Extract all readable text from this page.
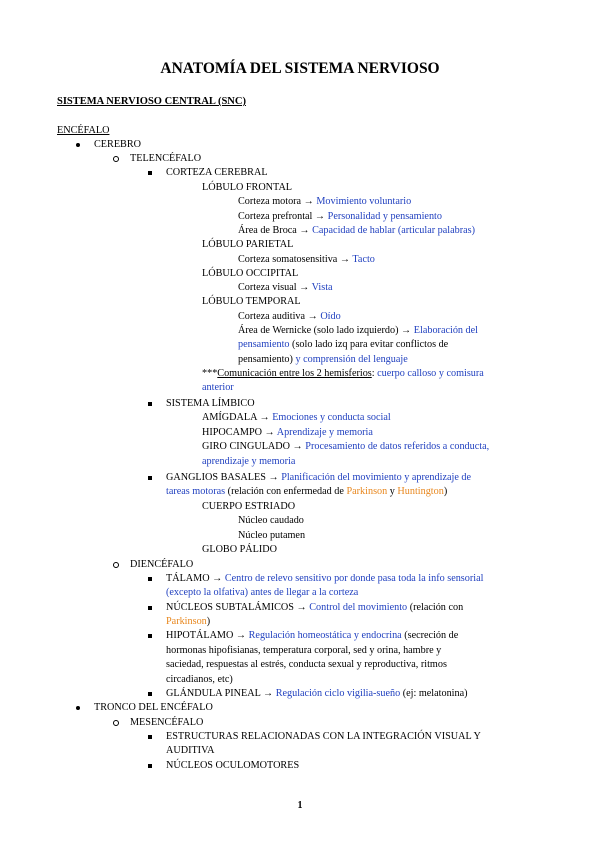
ANATOMÍA DEL SISTEMA NERVIOSO
SISTEMA NERVIOSO CENTRAL (SNC)
ENCÉFALO
CEREBRO
TELENCÉFALO
CORTEZA CEREBRAL
LÓBULO FRONTAL
Corteza motora → Movimiento voluntario
Corteza prefrontal → Personalidad y pensamiento
Área de Broca → Capacidad de hablar (articular palabras)
LÓBULO PARIETAL
Corteza somatosensitiva → Tacto
LÓBULO OCCIPITAL
Corteza visual → Vista
LÓBULO TEMPORAL
Corteza auditiva → Oído
Área de Wernicke (solo lado izquierdo) → Elaboración del
pensamiento (solo lado izq para evitar conflictos de
pensamiento) y comprensión del lenguaje
***Comunicación entre los 2 hemisferios: cuerpo calloso y comisura
anterior
SISTEMA LÍMBICO
AMÍGDALA → Emociones y conducta social
HIPOCAMPO → Aprendizaje y memoria
GIRO CINGULADO → Procesamiento de datos referidos a conducta,
aprendizaje y memoria
GANGLIOS BASALES → Planificación del movimiento y aprendizaje de
tareas motoras (relación con enfermedad de Parkinson y Huntington)
CUERPO ESTRIADO
Núcleo caudado
Núcleo putamen
GLOBO PÁLIDO
DIENCÉFALO
TÁLAMO → Centro de relevo sensitivo por donde pasa toda la info sensorial
(excepto la olfativa) antes de llegar a la corteza
NÚCLEOS SUBTALÁMICOS → Control del movimiento (relación con
Parkinson)
HIPOTÁLAMO → Regulación homeostática y endocrina (secreción de
hormonas hipofisianas, temperatura corporal, sed y orina, hambre y
saciedad, respuestas al estrés, conducta sexual y reproductiva, ritmos
circadianos, etc)
GLÁNDULA PINEAL → Regulación ciclo vigilia-sueño (ej: melatonina)
TRONCO DEL ENCÉFALO
MESENCÉFALO
ESTRUCTURAS RELACIONADAS CON LA INTEGRACIÓN VISUAL Y
AUDITIVA
NÚCLEOS OCULOMOTORES
1
